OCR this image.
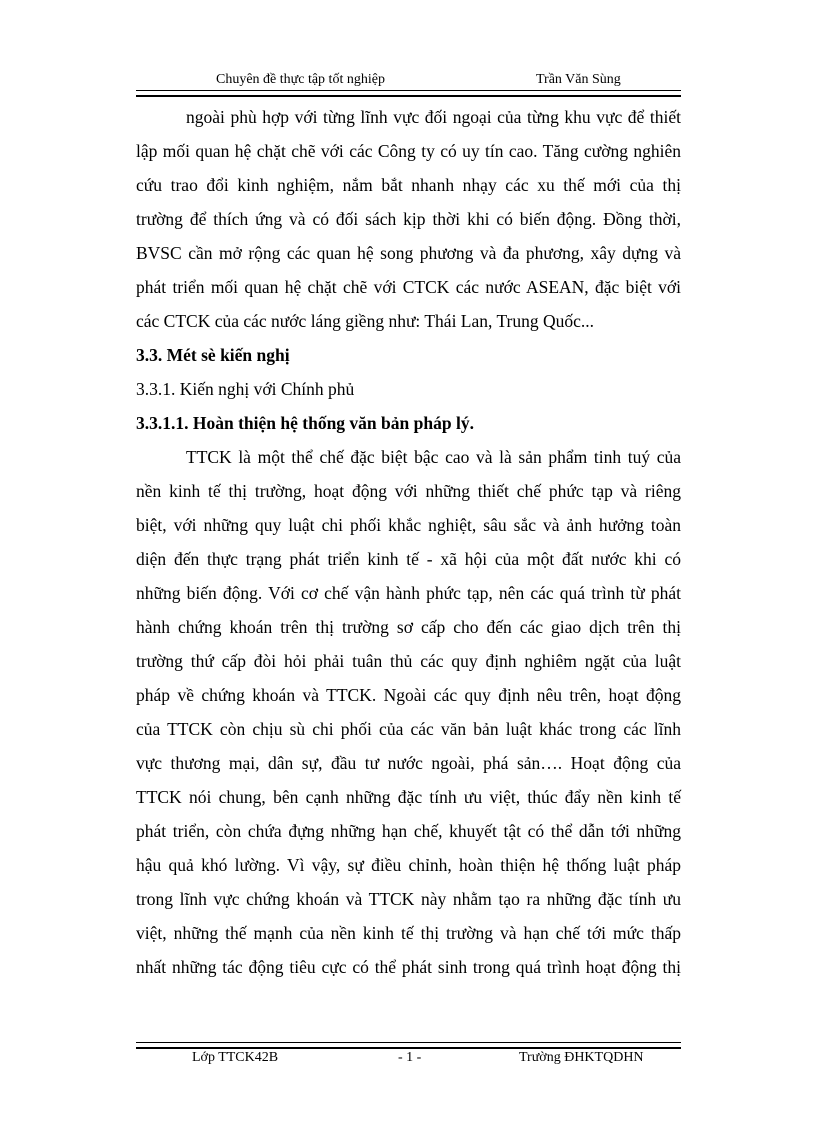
Chuyên đề thực tập tốt nghiệp	Trần Văn Sùng
ngoài phù hợp với từng lĩnh vực đối ngoại của từng khu vực để thiết
lập mối quan hệ chặt chẽ với các Công ty có uy tín cao. Tăng cường nghiên
cứu trao đổi kinh nghiệm, nắm bắt nhanh nhạy các xu thế mới của thị
trường để thích ứng và có đối sách kịp thời khi có biến động. Đồng thời,
BVSC cần mở rộng các quan hệ song phương và đa phương, xây dựng và
phát triển mối quan hệ chặt chẽ với CTCK các nước ASEAN, đặc biệt với
các CTCK của các nước láng giềng như: Thái Lan, Trung Quốc...
3.3. Mét sè kiến nghị
3.3.1. Kiến nghị với Chính phủ
3.3.1.1. Hoàn thiện hệ thống văn bản pháp lý.
TTCK là một thể chế đặc biệt bậc cao và là sản phẩm tinh tuý của
nền kinh tế thị trường, hoạt động với những thiết chế phức tạp và riêng
biệt, với những quy luật chi phối khắc nghiệt, sâu sắc và ảnh hưởng toàn
diện đến thực trạng phát triển kinh tế - xã hội của một đất nước khi có
những biến động. Với cơ chế vận hành phức tạp, nên các quá trình từ phát
hành chứng khoán trên thị trường sơ cấp cho đến các giao dịch trên thị
trường thứ cấp đòi hỏi phải tuân thủ các quy định nghiêm ngặt của luật
pháp về chứng khoán và TTCK. Ngoài các quy định nêu trên, hoạt động
của TTCK còn chịu sù chi phối của các văn bản luật khác trong các lĩnh
vực thương mại, dân sự, đầu tư nước ngoài, phá sản…. Hoạt động của
TTCK nói chung, bên cạnh những đặc tính ưu việt, thúc đẩy nền kinh tế
phát triển, còn chứa đựng những hạn chế, khuyết tật có thể dẫn tới những
hậu quả khó lường. Vì vậy, sự điều chỉnh, hoàn thiện hệ thống luật pháp
trong lĩnh vực chứng khoán và TTCK này nhằm tạo ra những đặc tính ưu
việt, những thế mạnh của nền kinh tế thị trường và hạn chế tới mức thấp
nhất những tác động tiêu cực có thể phát sinh trong quá trình hoạt động thị
Lớp TTCK42B	- 1 -	Trường ĐHKTQDHN
